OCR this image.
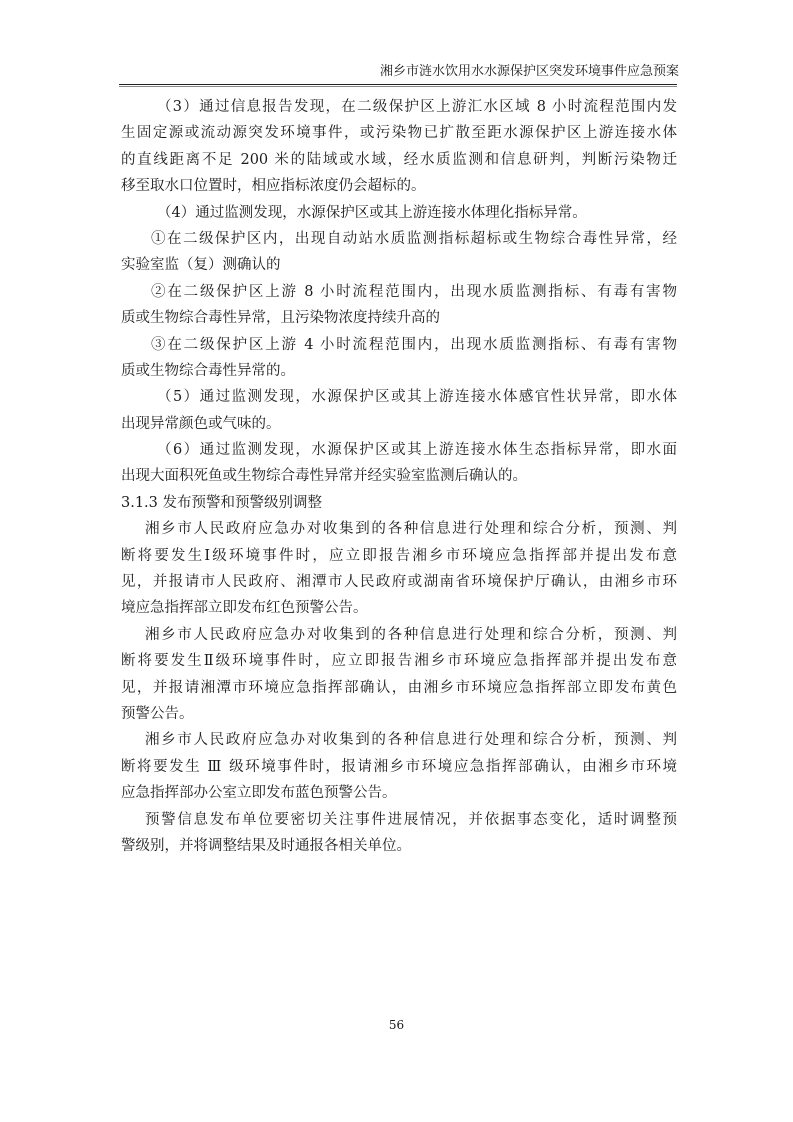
湘乡市涟水饮用水水源保护区突发环境事件应急预案
（3）通过信息报告发现，在二级保护区上游汇水区域 8 小时流程范围内发
生固定源或流动源突发环境事件，或污染物已扩散至距水源保护区上游连接水体
的直线距离不足 200 米的陆域或水域，经水质监测和信息研判，判断污染物迁
移至取水口位置时，相应指标浓度仍会超标的。
（4）通过监测发现，水源保护区或其上游连接水体理化指标异常。
①在二级保护区内，出现自动站水质监测指标超标或生物综合毒性异常，经
实验室监（复）测确认的
②在二级保护区上游 8 小时流程范围内，出现水质监测指标、有毒有害物
质或生物综合毒性异常，且污染物浓度持续升高的
③在二级保护区上游 4 小时流程范围内，出现水质监测指标、有毒有害物
质或生物综合毒性异常的。
（5）通过监测发现，水源保护区或其上游连接水体感官性状异常，即水体
出现异常颜色或气味的。
（6）通过监测发现，水源保护区或其上游连接水体生态指标异常，即水面
出现大面积死鱼或生物综合毒性异常并经实验室监测后确认的。
3.1.3 发布预警和预警级别调整
湘乡市人民政府应急办对收集到的各种信息进行处理和综合分析，预测、判
断将要发生Ⅰ级环境事件时，应立即报告湘乡市环境应急指挥部并提出发布意
见，并报请市人民政府、湘潭市人民政府或湖南省环境保护厅确认，由湘乡市环
境应急指挥部立即发布红色预警公告。
湘乡市人民政府应急办对收集到的各种信息进行处理和综合分析，预测、判
断将要发生Ⅱ级环境事件时，应立即报告湘乡市环境应急指挥部并提出发布意
见，并报请湘潭市环境应急指挥部确认，由湘乡市环境应急指挥部立即发布黄色
预警公告。
湘乡市人民政府应急办对收集到的各种信息进行处理和综合分析，预测、判
断将要发生 Ⅲ 级环境事件时，报请湘乡市环境应急指挥部确认，由湘乡市环境
应急指挥部办公室立即发布蓝色预警公告。
预警信息发布单位要密切关注事件进展情况，并依据事态变化，适时调整预
警级别，并将调整结果及时通报各相关单位。
56
